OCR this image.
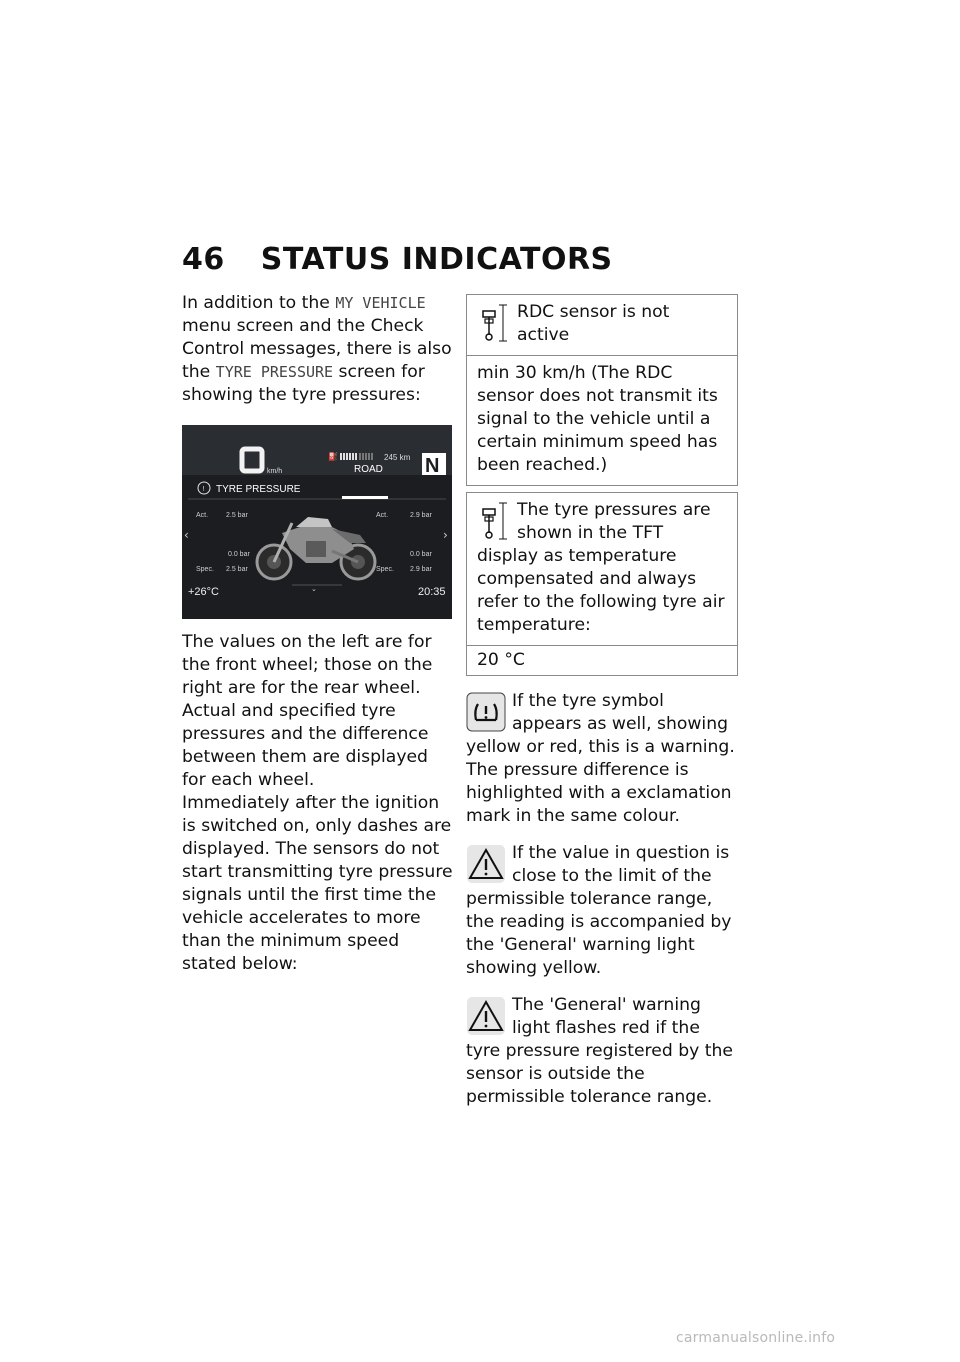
46 STATUS INDICATORS

In addition to the MY VEHICLE menu screen and the Check Control messages, there is also the TYRE PRESSURE screen for showing the tyre pressures:

km/h
⛽	245 km
ROAD N
! TYRE PRESSURE
Act.	2.5 bar
0.0 bar
Spec. 2.5 bar
Act.	2.9 bar
0.0 bar
Spec. 2.9 bar
‹	›
⌄
+26°C	20:35

The values on the left are for the front wheel; those on the right are for the rear wheel.

Actual and specified tyre pressures and the difference between them are displayed for each wheel.

Immediately after the ignition is switched on, only dashes are displayed. The sensors do not start transmitting tyre pressure signals until the first time the vehicle accelerates to more than the minimum speed stated below:

RDC sensor is not active
min 30 km/h (The RDC sensor does not transmit its signal to the vehicle until a certain minimum speed has been reached.)
The tyre pressures are shown in the TFT display as temperature compensated and always refer to the following tyre air temperature:
20 °C
If the tyre symbol appears as well, showing yellow or red, this is a warning. The pressure difference is highlighted with a exclamation mark in the same colour.
If the value in question is close to the limit of the permissible tolerance range, the reading is accompanied by the 'General' warning light showing yellow.
The 'General' warning light flashes red if the tyre pressure registered by the sensor is outside the permissible tolerance range.
carmanualsonline.info
